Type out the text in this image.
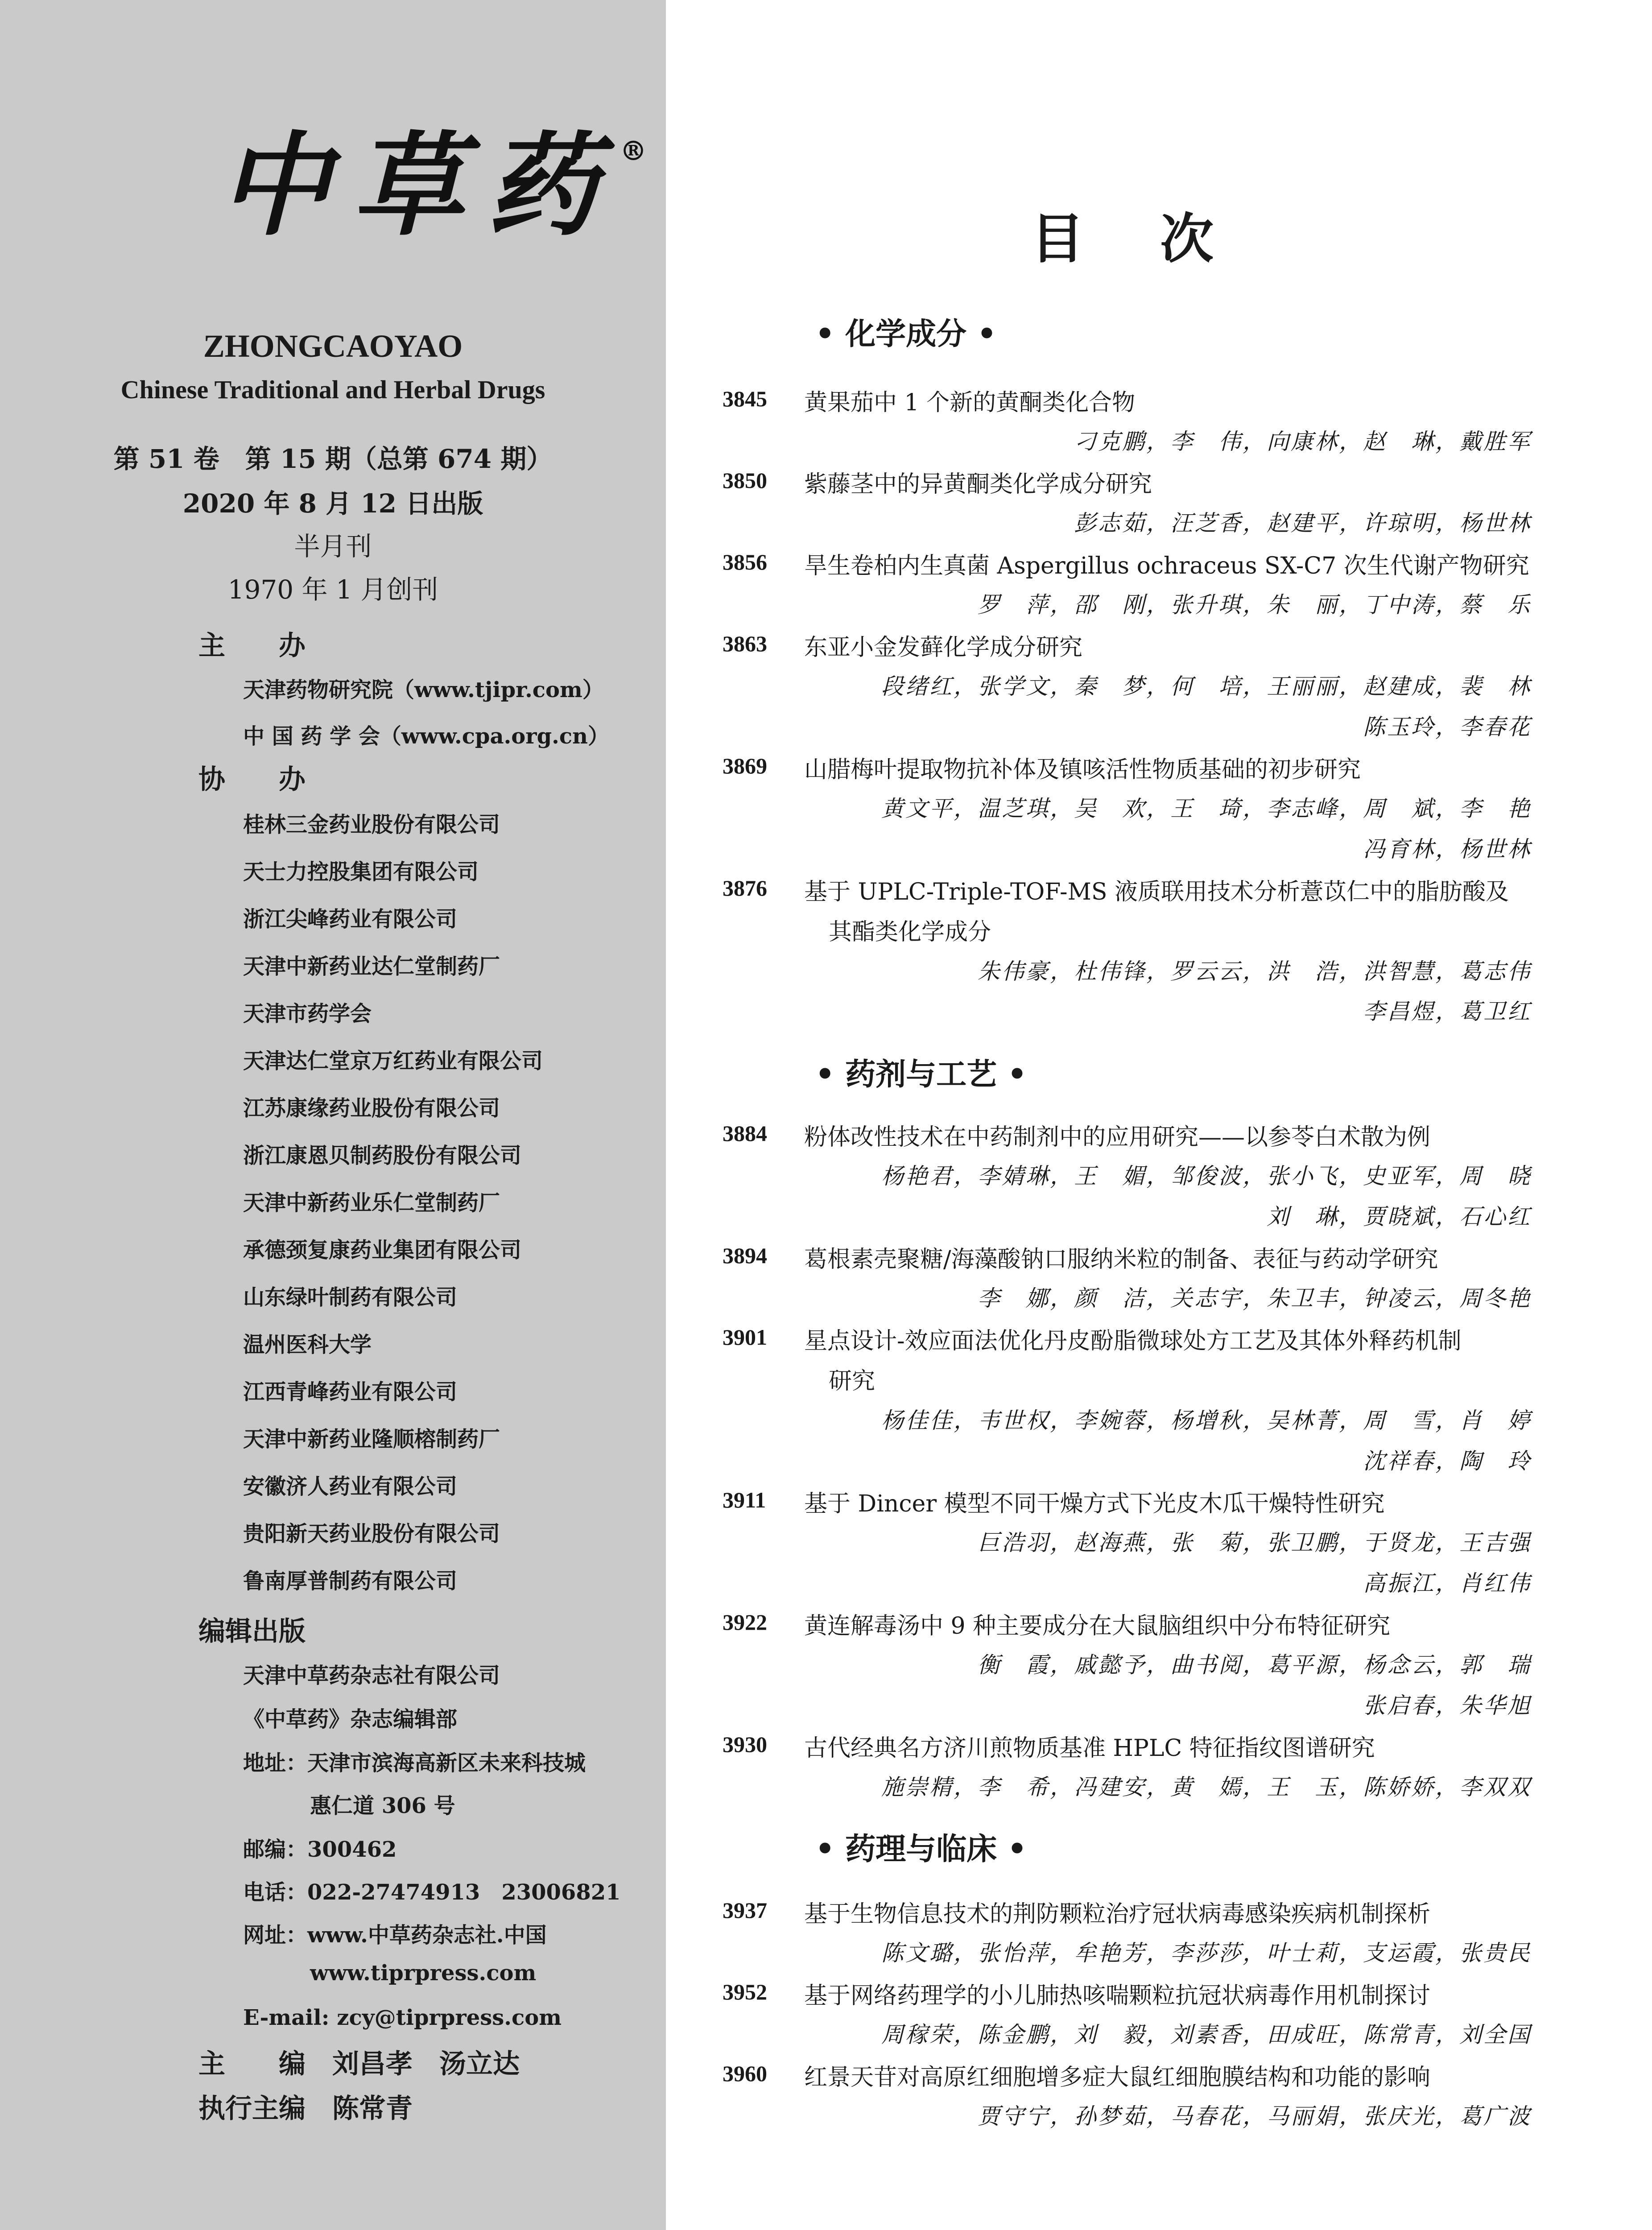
中草药®
ZHONGCAOYAO
Chinese Traditional and Herbal Drugs
第 51 卷　第 15 期（总第 674 期）
2020 年 8 月 12 日出版
半月刊
1970 年 1 月创刊
主　　办
天津药物研究院（www.tjipr.com）
中 国 药 学 会（www.cpa.org.cn）
协　　办
桂林三金药业股份有限公司
天士力控股集团有限公司
浙江尖峰药业有限公司
天津中新药业达仁堂制药厂
天津市药学会
天津达仁堂京万红药业有限公司
江苏康缘药业股份有限公司
浙江康恩贝制药股份有限公司
天津中新药业乐仁堂制药厂
承德颈复康药业集团有限公司
山东绿叶制药有限公司
温州医科大学
江西青峰药业有限公司
天津中新药业隆顺榕制药厂
安徽济人药业有限公司
贵阳新天药业股份有限公司
鲁南厚普制药有限公司
编辑出版
天津中草药杂志社有限公司
《中草药》杂志编辑部
地址：天津市滨海高新区未来科技城
惠仁道 306 号
邮编：300462
电话：022-27474913　23006821
网址：www.中草药杂志社.中国
www.tiprpress.com
E-mail: zcy@tiprpress.com
主　　编　 刘昌孝　汤立达
执行主编　 陈常青
目次
• 化学成分 •
3845 黄果茄中 1 个新的黄酮类化合物
刁克鹏，李　伟，向康林，赵　琳，戴胜军
3850 紫藤茎中的异黄酮类化学成分研究
彭志茹，汪芝香，赵建平，许琼明，杨世林
3856 旱生卷柏内生真菌 Aspergillus ochraceus SX-C7 次生代谢产物研究
罗　萍，邵　刚，张升琪，朱　丽，丁中涛，蔡　乐
3863 东亚小金发藓化学成分研究
段绪红，张学文，秦　梦，何　培，王丽丽，赵建成，裴　林
陈玉玲，李春花
3869 山腊梅叶提取物抗补体及镇咳活性物质基础的初步研究
黄文平，温芝琪，吴　欢，王　琦，李志峰，周　斌，李　艳
冯育林，杨世林
3876 基于 UPLC-Triple-TOF-MS 液质联用技术分析薏苡仁中的脂肪酸及
其酯类化学成分
朱伟豪，杜伟锋，罗云云，洪　浩，洪智慧，葛志伟
李昌煜，葛卫红
• 药剂与工艺 •
3884 粉体改性技术在中药制剂中的应用研究——以参苓白术散为例
杨艳君，李婧琳，王　媚，邹俊波，张小飞，史亚军，周　晓
刘　琳，贾晓斌，石心红
3894 葛根素壳聚糖/海藻酸钠口服纳米粒的制备、表征与药动学研究
李　娜，颜　洁，关志宇，朱卫丰，钟凌云，周冬艳
3901 星点设计-效应面法优化丹皮酚脂微球处方工艺及其体外释药机制
研究
杨佳佳，韦世权，李婉蓉，杨增秋，吴林菁，周　雪，肖　婷
沈祥春，陶　玲
3911 基于 Dincer 模型不同干燥方式下光皮木瓜干燥特性研究
巨浩羽，赵海燕，张　菊，张卫鹏，于贤龙，王吉强
高振江，肖红伟
3922 黄连解毒汤中 9 种主要成分在大鼠脑组织中分布特征研究
衡　霞，戚懿予，曲书阅，葛平源，杨念云，郭　瑞
张启春，朱华旭
3930 古代经典名方济川煎物质基准 HPLC 特征指纹图谱研究
施崇精，李　希，冯建安，黄　嫣，王　玉，陈娇娇，李双双
• 药理与临床 •
3937 基于生物信息技术的荆防颗粒治疗冠状病毒感染疾病机制探析
陈文璐，张怡萍，牟艳芳，李莎莎，叶士莉，支运霞，张贵民
3952 基于网络药理学的小儿肺热咳喘颗粒抗冠状病毒作用机制探讨
周稼荣，陈金鹏，刘　毅，刘素香，田成旺，陈常青，刘全国
3960 红景天苷对高原红细胞增多症大鼠红细胞膜结构和功能的影响
贾守宁，孙梦茹，马春花，马丽娟，张庆光，葛广波
